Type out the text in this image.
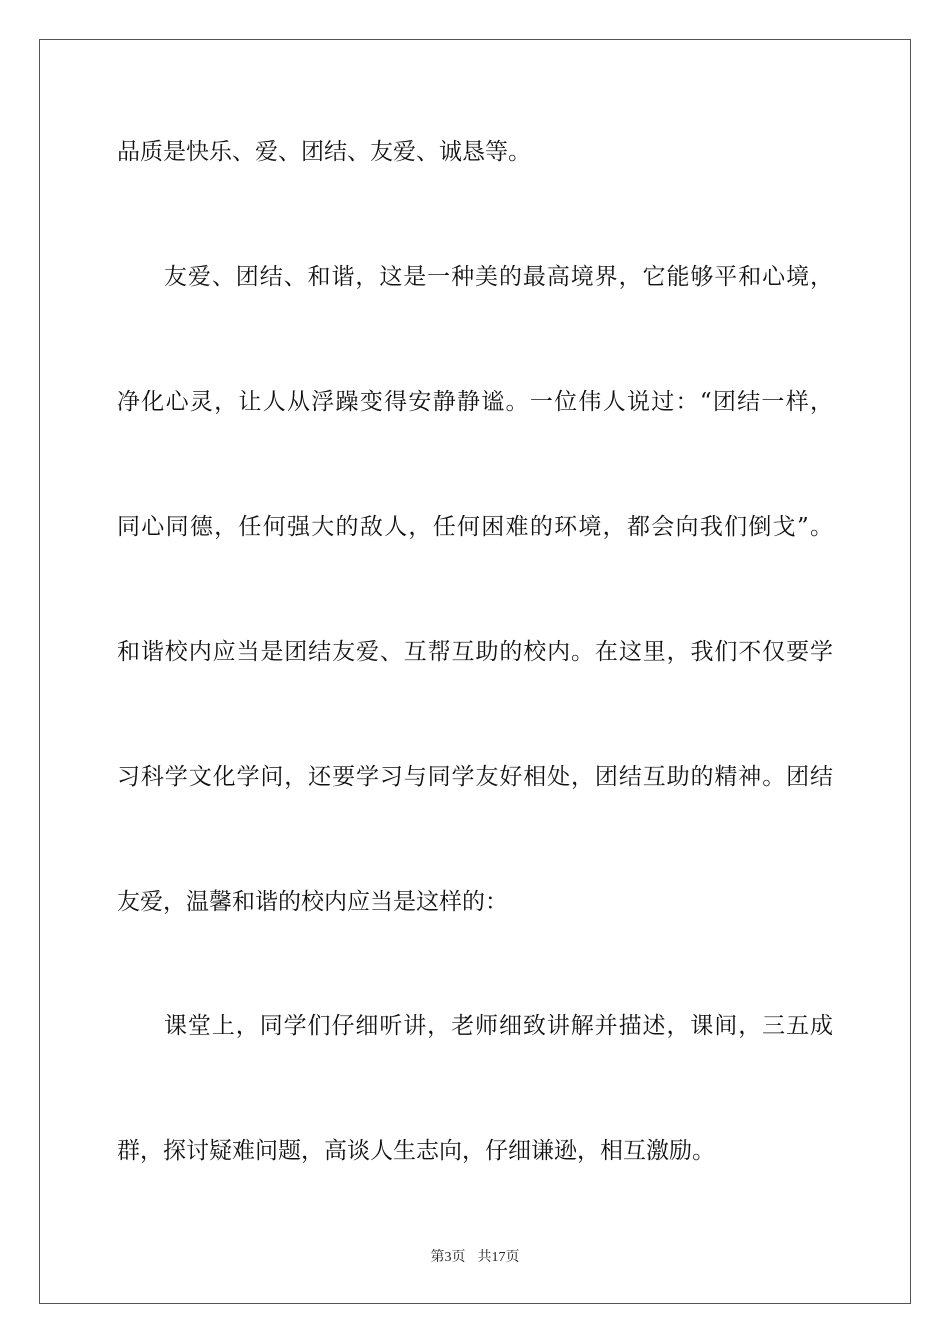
品质是快乐、爱、团结、友爱、诚恳等。

友爱、团结、和谐，这是一种美的最高境界，它能够平和心境，

净化心灵，让人从浮躁变得安静静谧。一位伟人说过：“团结一样，

同心同德，任何强大的敌人，任何困难的环境，都会向我们倒戈”。

和谐校内应当是团结友爱、互帮互助的校内。在这里，我们不仅要学

习科学文化学问，还要学习与同学友好相处，团结互助的精神。团结

友爱，温馨和谐的校内应当是这样的：

课堂上，同学们仔细听讲，老师细致讲解并描述，课间，三五成

群，探讨疑难问题，高谈人生志向，仔细谦逊，相互激励。

第3页 共17页
